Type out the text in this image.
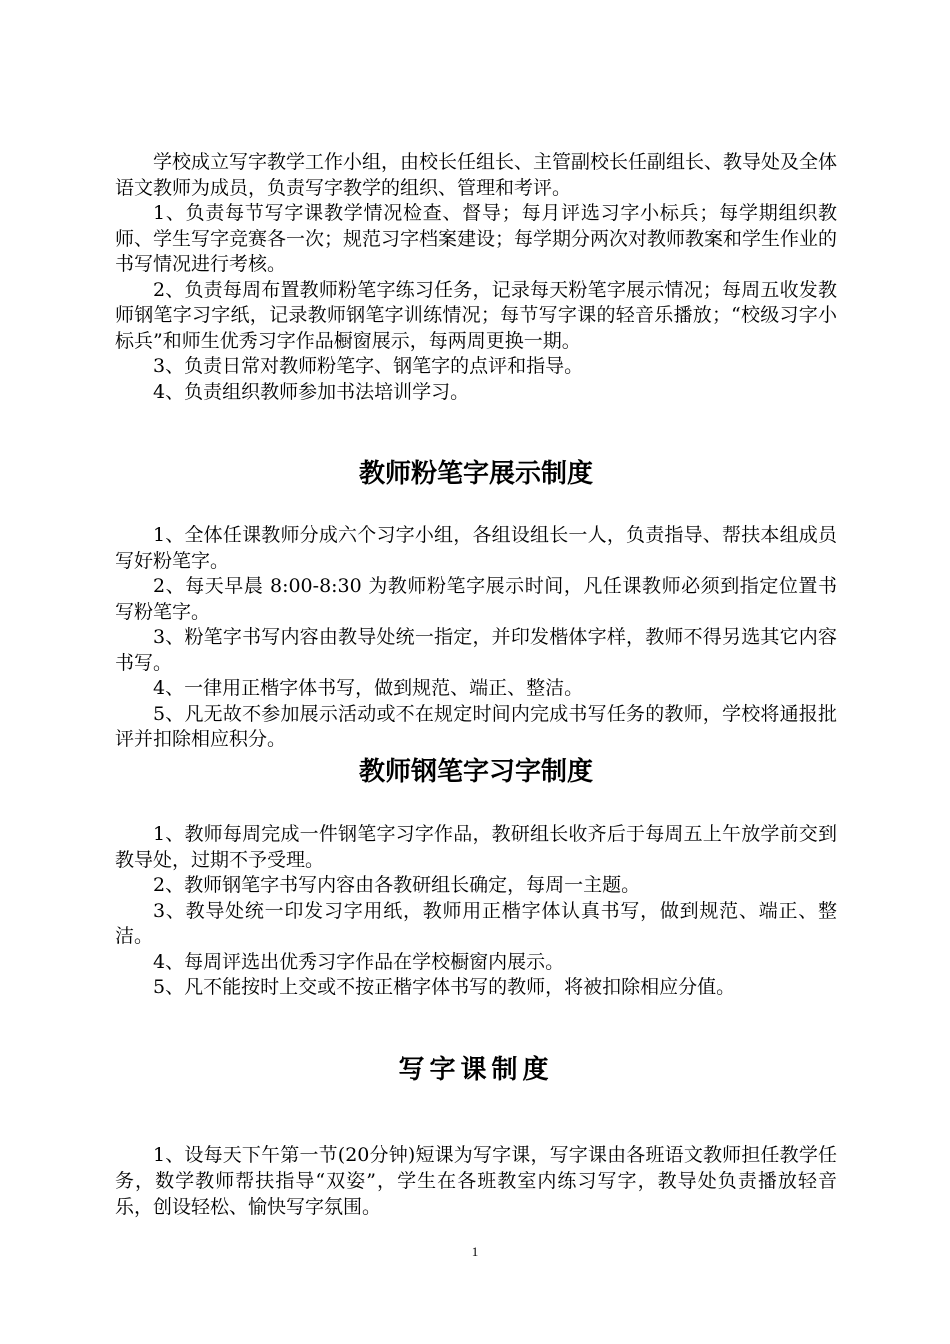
学校成立写字教学工作小组，由校长任组长、主管副校长任副组长、教导处及全体语文教师为成员，负责写字教学的组织、管理和考评。

1、负责每节写字课教学情况检查、督导；每月评选习字小标兵；每学期组织教师、学生写字竞赛各一次；规范习字档案建设；每学期分两次对教师教案和学生作业的书写情况进行考核。

2、负责每周布置教师粉笔字练习任务，记录每天粉笔字展示情况；每周五收发教师钢笔字习字纸，记录教师钢笔字训练情况；每节写字课的轻音乐播放；“校级习字小标兵”和师生优秀习字作品橱窗展示，每两周更换一期。

3、负责日常对教师粉笔字、钢笔字的点评和指导。

4、负责组织教师参加书法培训学习。

教师粉笔字展示制度

1、全体任课教师分成六个习字小组，各组设组长一人，负责指导、帮扶本组成员写好粉笔字。

2、每天早晨 8:00-8:30 为教师粉笔字展示时间，凡任课教师必须到指定位置书写粉笔字。

3、粉笔字书写内容由教导处统一指定，并印发楷体字样，教师不得另选其它内容书写。

4、一律用正楷字体书写，做到规范、端正、整洁。

5、凡无故不参加展示活动或不在规定时间内完成书写任务的教师，学校将通报批评并扣除相应积分。

教师钢笔字习字制度

1、教师每周完成一件钢笔字习字作品，教研组长收齐后于每周五上午放学前交到教导处，过期不予受理。

2、教师钢笔字书写内容由各教研组长确定，每周一主题。

3、教导处统一印发习字用纸，教师用正楷字体认真书写，做到规范、端正、整洁。

4、每周评选出优秀习字作品在学校橱窗内展示。

5、凡不能按时上交或不按正楷字体书写的教师，将被扣除相应分值。

写字课制度

1、设每天下午第一节(20分钟)短课为写字课，写字课由各班语文教师担任教学任务，数学教师帮扶指导“双姿”，学生在各班教室内练习写字，教导处负责播放轻音乐，创设轻松、愉快写字氛围。

1
